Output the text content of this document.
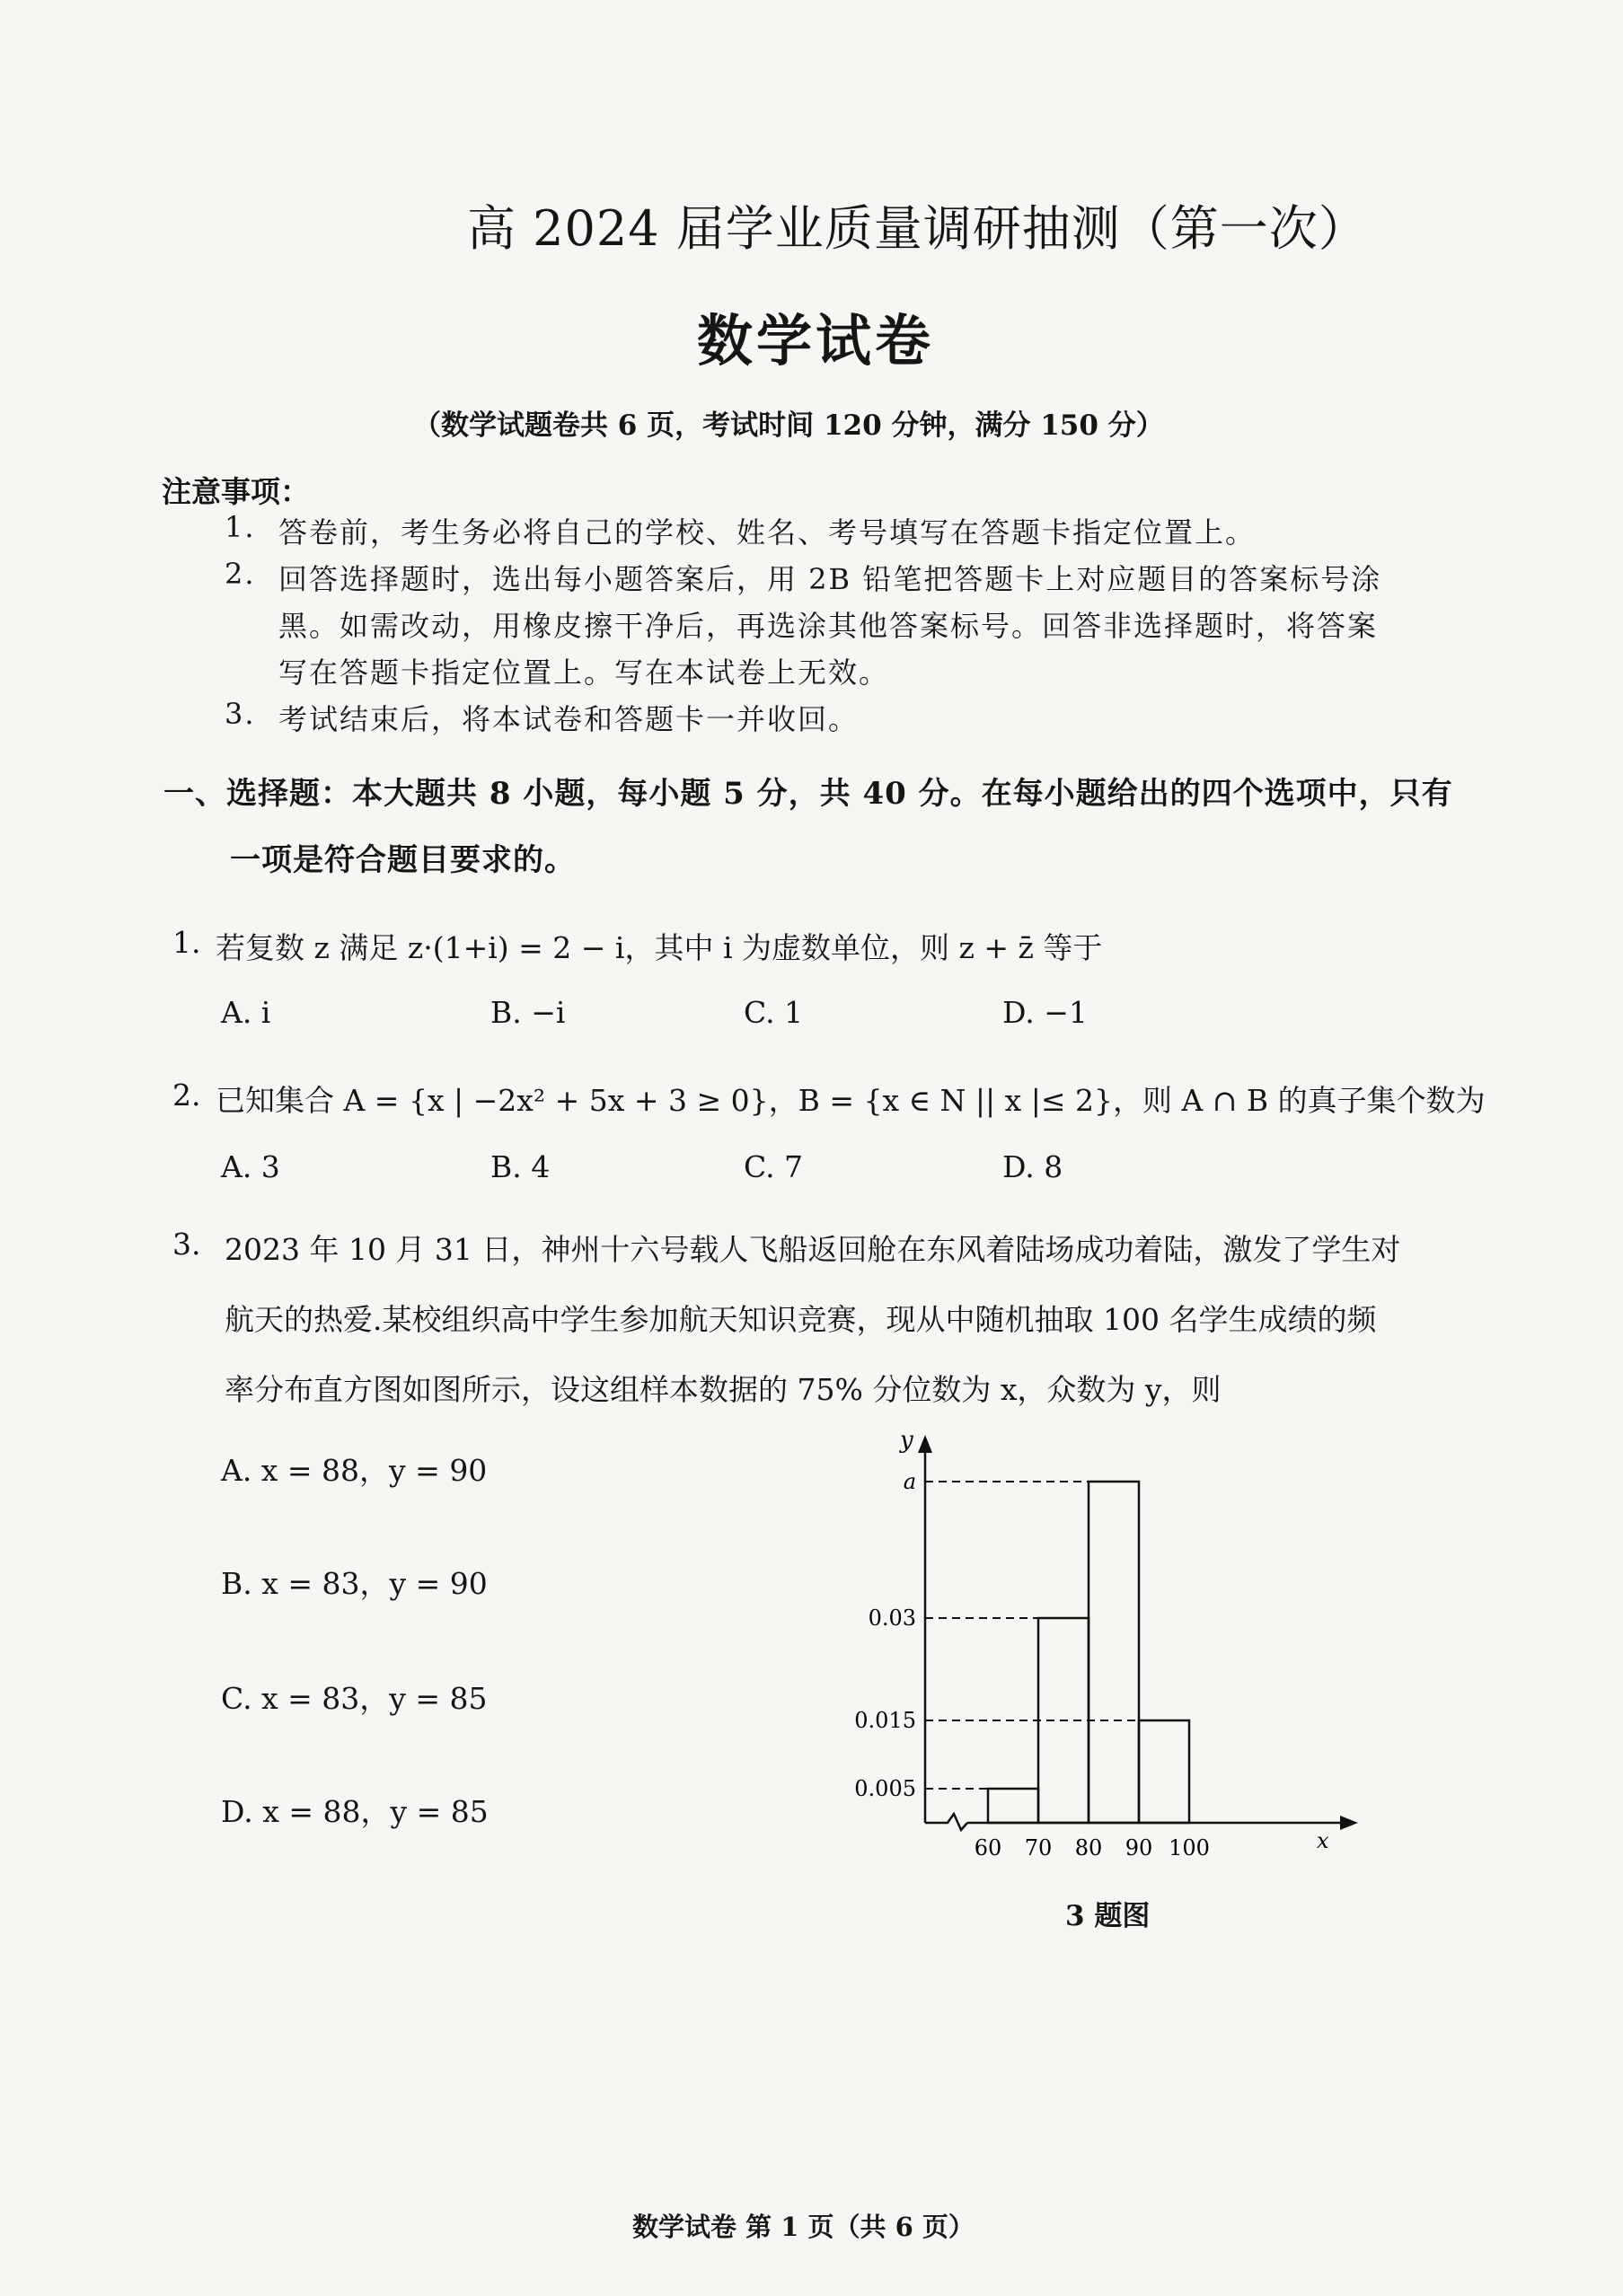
高 2024 届学业质量调研抽测（第一次）
数学试卷
（数学试题卷共 6 页，考试时间 120 分钟，满分 150 分）
注意事项：
1. 答卷前，考生务必将自己的学校、姓名、考号填写在答题卡指定位置上。
2. 回答选择题时，选出每小题答案后，用 2B 铅笔把答题卡上对应题目的答案标号涂
黑。如需改动，用橡皮擦干净后，再选涂其他答案标号。回答非选择题时，将答案
写在答题卡指定位置上。写在本试卷上无效。
3. 考试结束后，将本试卷和答题卡一并收回。
一、选择题：本大题共 8 小题，每小题 5 分，共 40 分。在每小题给出的四个选项中，只有
一项是符合题目要求的。
1. 若复数 z 满足 z·(1+i) = 2 − i，其中 i 为虚数单位，则 z + z̄ 等于
A. i	B. −i	C. 1	D. −1
2. 已知集合 A = {x | −2x² + 5x + 3 ≥ 0}，B = {x ∈ N || x |≤ 2}，则 A ∩ B 的真子集个数为
A. 3	B. 4	C. 7	D. 8
3. 2023 年 10 月 31 日，神州十六号载人飞船返回舱在东风着陆场成功着陆，激发了学生对
航天的热爱.某校组织高中学生参加航天知识竞赛，现从中随机抽取 100 名学生成绩的频
率分布直方图如图所示，设这组样本数据的 75% 分位数为 x，众数为 y，则
A. x = 88，y = 90
B. x = 83，y = 90
C. x = 83，y = 85
D. x = 88，y = 85
y
x
0.005
0.015
0.03
a
60 70 80 90 100
3 题图
数学试卷 第 1 页（共 6 页）
